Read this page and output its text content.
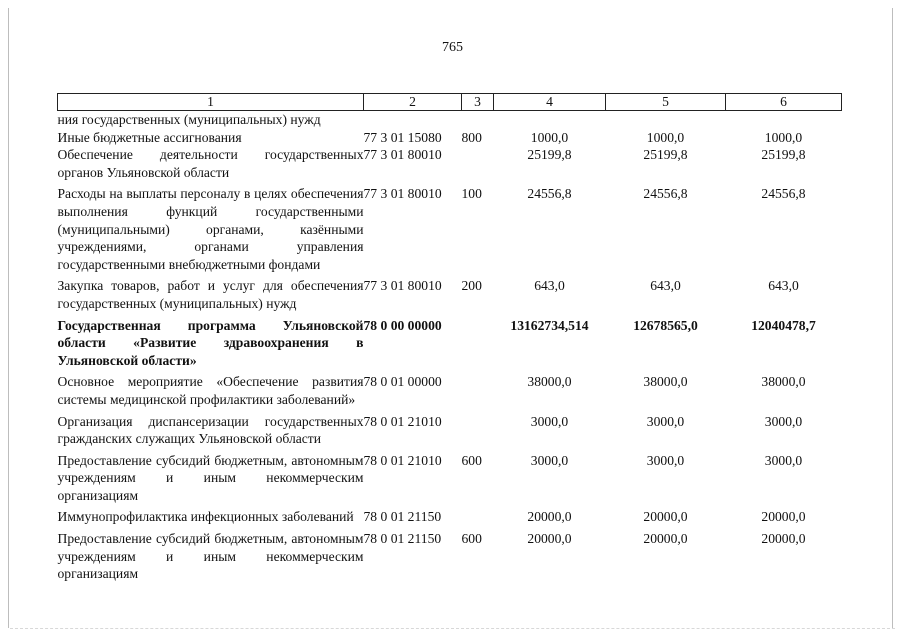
765
1	2	3	4	5	6
ния государственных (муниципальных) нужд					
Иные бюджетные ассигнования	77 3 01 15080	800	1000,0	1000,0	1000,0
Обеспечение деятельности государственных органов Ульяновской области	77 3 01 80010		25199,8	25199,8	25199,8
Расходы на выплаты персоналу в целях обеспечения выполнения функций государственными (муниципальными) органами, казёнными учреждениями, органами управления государственными внебюджетными фондами	77 3 01 80010	100	24556,8	24556,8	24556,8
Закупка товаров, работ и услуг для обеспечения государственных (муниципальных) нужд	77 3 01 80010	200	643,0	643,0	643,0
Государственная программа Ульяновской области «Развитие здравоохранения в Ульяновской области»	78 0 00 00000		13162734,514	12678565,0	12040478,7
Основное мероприятие «Обеспечение развития системы медицинской профилактики заболеваний»	78 0 01 00000		38000,0	38000,0	38000,0
Организация диспансеризации государственных гражданских служащих Ульяновской области	78 0 01 21010		3000,0	3000,0	3000,0
Предоставление субсидий бюджетным, автономным учреждениям и иным некоммерческим организациям	78 0 01 21010	600	3000,0	3000,0	3000,0
Иммунопрофилактика инфекционных заболеваний	78 0 01 21150		20000,0	20000,0	20000,0
Предоставление субсидий бюджетным, автономным учреждениям и иным некоммерческим организациям	78 0 01 21150	600	20000,0	20000,0	20000,0
